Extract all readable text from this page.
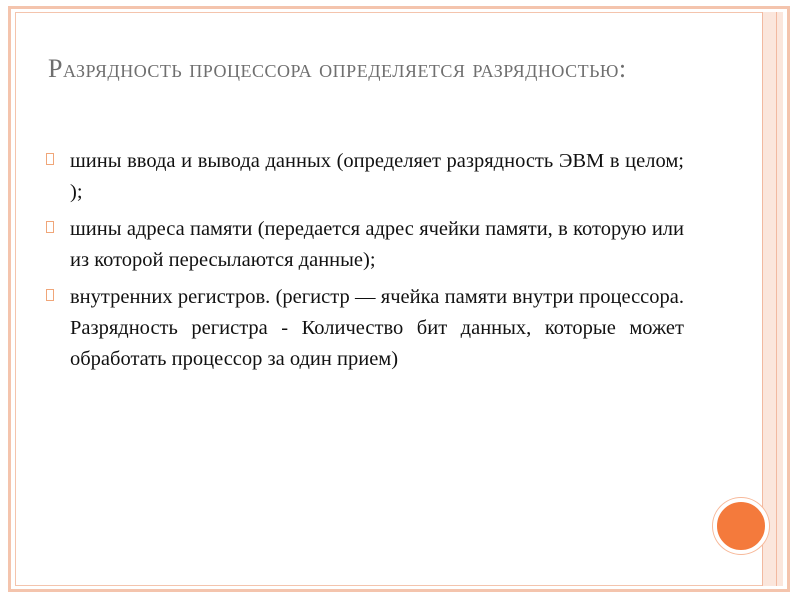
Разрядность процессора определяется разрядностью:
шины ввода и вывода данных (определяет разрядность ЭВМ в целом; );
шины адреса памяти (передается адрес ячейки памяти, в которую или из которой пересылаются данные);
внутренних регистров. (регистр — ячейка памяти внутри процессора. Разрядность регистра - Количество бит данных, которые может обработать процессор за один прием)
